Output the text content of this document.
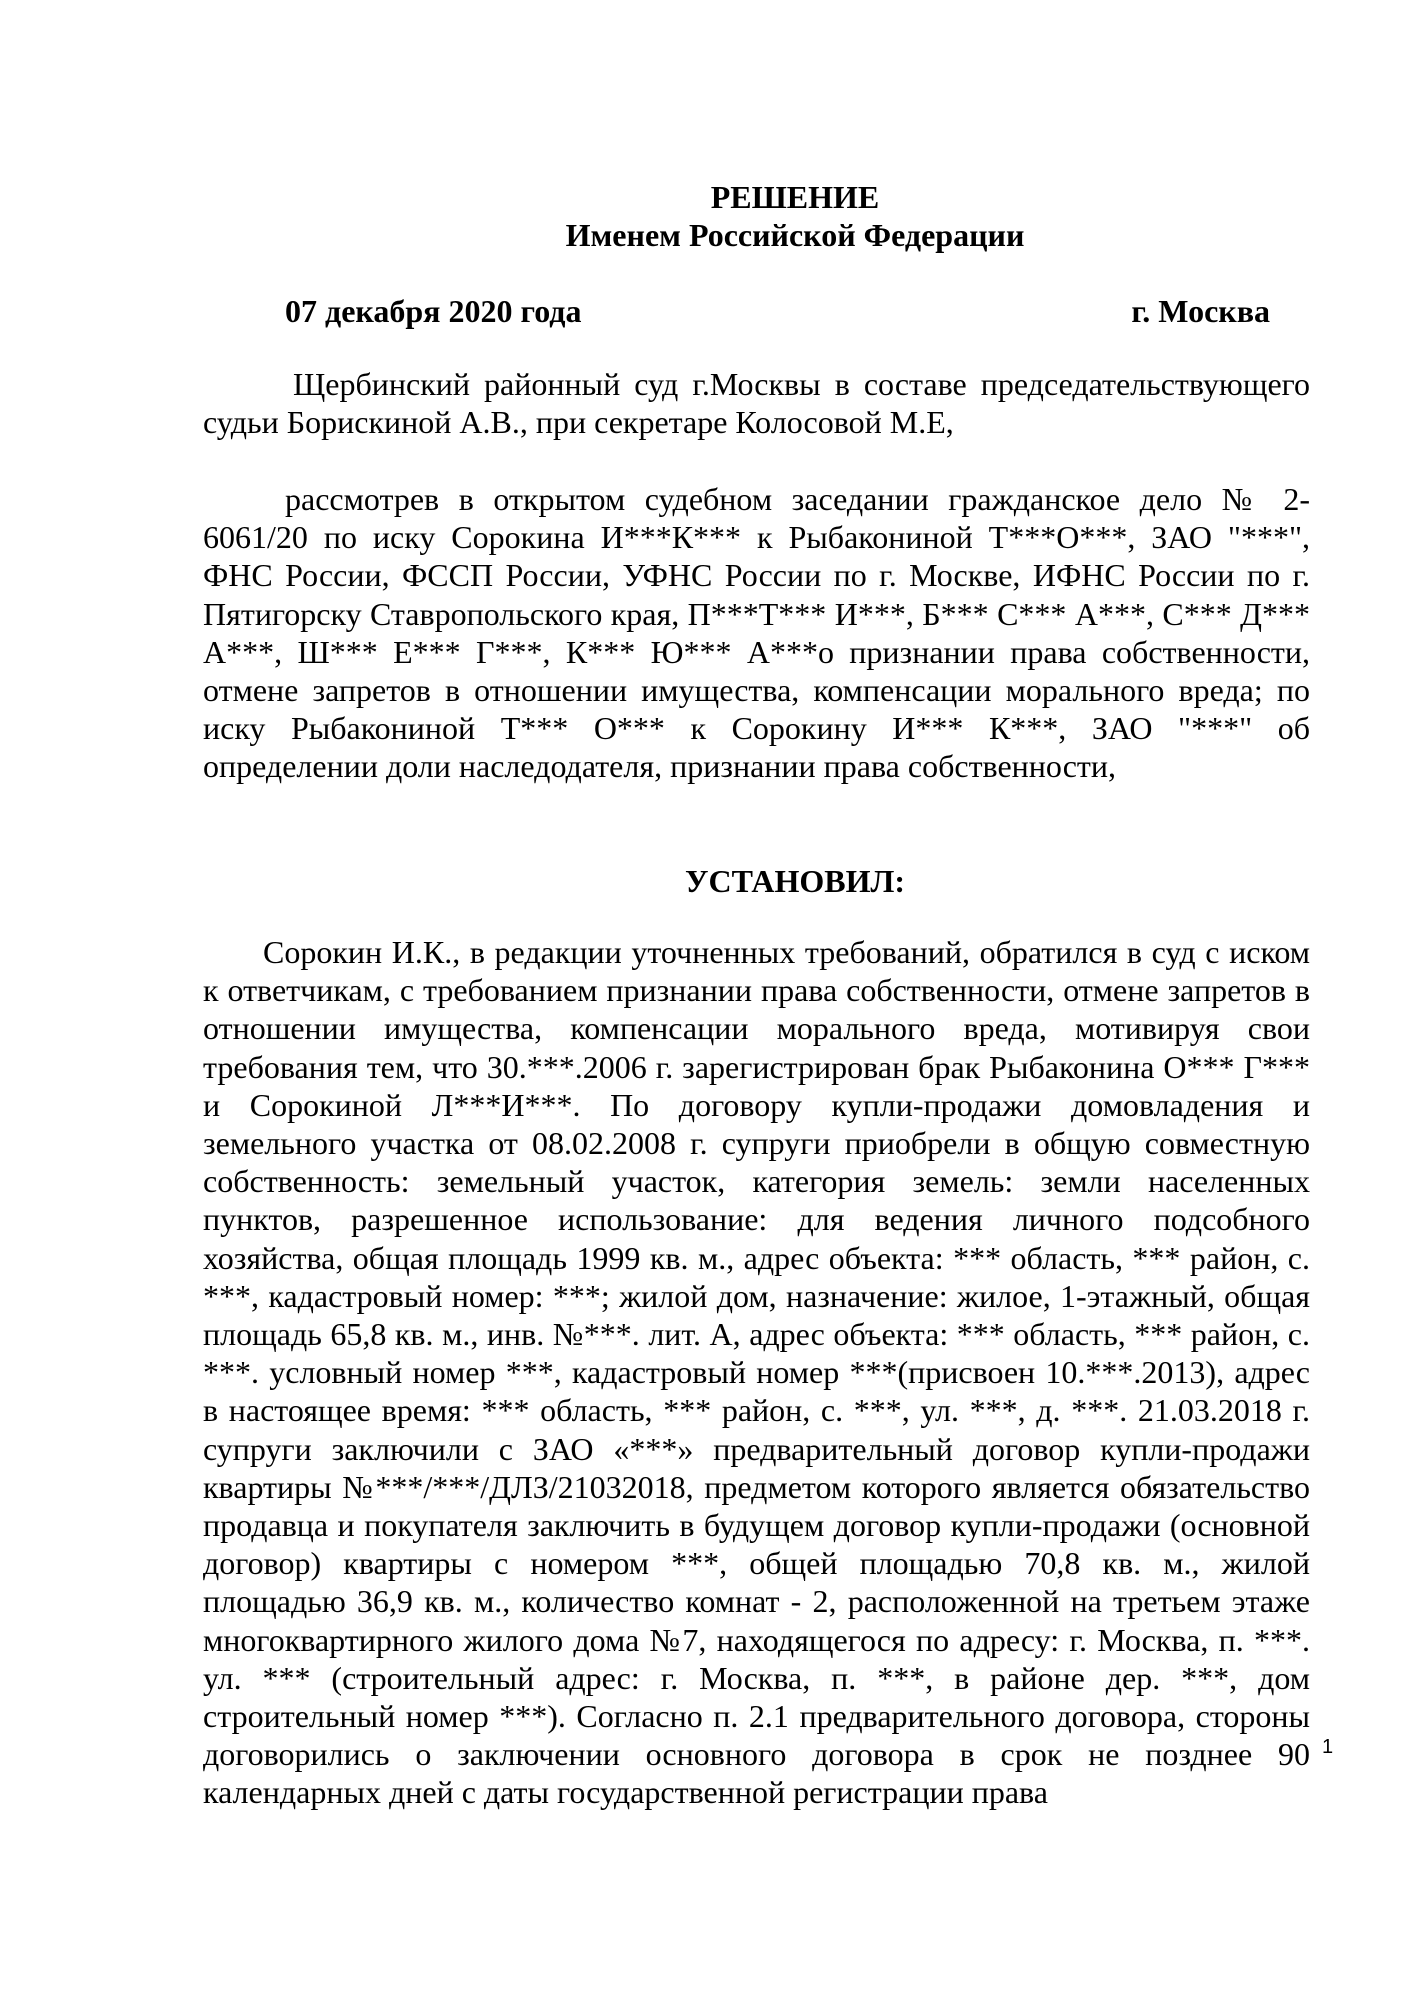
РЕШЕНИЕ
Именем Российской Федерации
07 декабря 2020 года	г. Москва
Щербинский районный суд г.Москвы в составе председательствующего судьи Борискиной А.В., при секретаре Колосовой М.Е,
рассмотрев в открытом судебном заседании гражданское дело № 2-6061/20 по иску Сорокина И***К*** к Рыбакониной Т***О***, ЗАО "***", ФНС России, ФССП России, УФНС России по г. Москве, ИФНС России по г. Пятигорску Ставропольского края, П***Т*** И***, Б*** С*** А***, С*** Д*** А***, Ш*** Е*** Г***, К*** Ю*** А***о признании права собственности, отмене запретов в отношении имущества, компенсации морального вреда; по иску Рыбакониной Т*** О*** к Сорокину И*** К***, ЗАО "***" об определении доли наследодателя, признании права собственности,
УСТАНОВИЛ:
Сорокин И.К., в редакции уточненных требований, обратился в суд с иском к ответчикам, с требованием признании права собственности, отмене запретов в отношении имущества, компенсации морального вреда, мотивируя свои требования тем, что 30.***.2006 г. зарегистрирован брак Рыбаконина О*** Г*** и Сорокиной Л***И***. По договору купли-продажи домовладения и земельного участка от 08.02.2008 г. супруги приобрели в общую совместную собственность: земельный участок, категория земель: земли населенных пунктов, разрешенное использование: для ведения личного подсобного хозяйства, общая площадь 1999 кв. м., адрес объекта: *** область, *** район, с. ***, кадастровый номер: ***; жилой дом, назначение: жилое, 1-этажный, общая площадь 65,8 кв. м., инв. №***. лит. А, адрес объекта: *** область, *** район, с. ***. условный номер ***, кадастровый номер ***(присвоен 10.***.2013), адрес в настоящее время: *** область, *** район, с. ***, ул. ***, д. ***. 21.03.2018 г. супруги заключили с ЗАО «***» предварительный договор купли-продажи квартиры №***/***/ДЛЗ/21032018, предметом которого является обязательство продавца и покупателя заключить в будущем договор купли-продажи (основной договор) квартиры с номером ***, общей площадью 70,8 кв. м., жилой площадью 36,9 кв. м., количество комнат - 2, расположенной на третьем этаже многоквартирного жилого дома №7, находящегося по адресу: г. Москва, п. ***. ул. *** (строительный адрес: г. Москва, п. ***, в районе дер. ***, дом строительный номер ***). Согласно п. 2.1 предварительного договора, стороны договорились о заключении основного договора в срок не позднее 90 календарных дней с даты государственной регистрации права
1
